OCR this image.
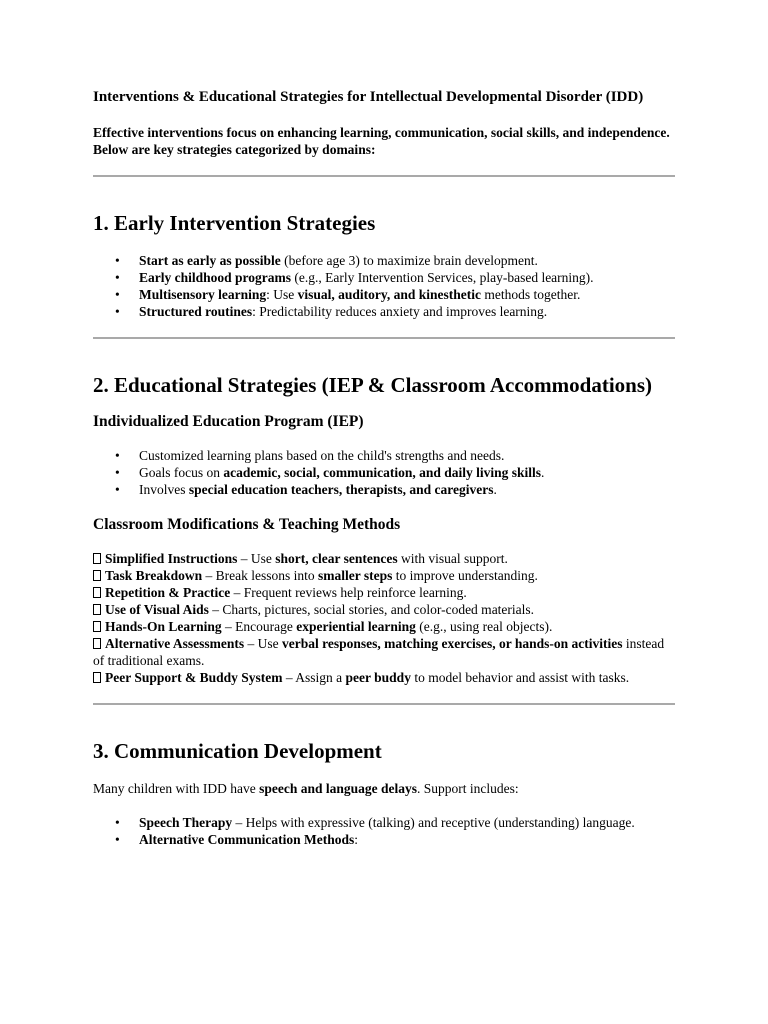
Interventions & Educational Strategies for Intellectual Developmental Disorder (IDD)

Effective interventions focus on enhancing learning, communication, social skills, and independence. Below are key strategies categorized by domains:

1. Early Intervention Strategies
• Start as early as possible (before age 3) to maximize brain development.
• Early childhood programs (e.g., Early Intervention Services, play-based learning).
• Multisensory learning: Use visual, auditory, and kinesthetic methods together.
• Structured routines: Predictability reduces anxiety and improves learning.
2. Educational Strategies (IEP & Classroom Accommodations)
Individualized Education Program (IEP)
• Customized learning plans based on the child's strengths and needs.
• Goals focus on academic, social, communication, and daily living skills.
• Involves special education teachers, therapists, and caregivers.
Classroom Modifications & Teaching Methods
Simplified Instructions – Use short, clear sentences with visual support.
Task Breakdown – Break lessons into smaller steps to improve understanding.
Repetition & Practice – Frequent reviews help reinforce learning.
Use of Visual Aids – Charts, pictures, social stories, and color-coded materials.
Hands-On Learning – Encourage experiential learning (e.g., using real objects).
Alternative Assessments – Use verbal responses, matching exercises, or hands-on activities instead of traditional exams.
Peer Support & Buddy System – Assign a peer buddy to model behavior and assist with tasks.
3. Communication Development

Many children with IDD have speech and language delays. Support includes:

• Speech Therapy – Helps with expressive (talking) and receptive (understanding) language.
• Alternative Communication Methods:
